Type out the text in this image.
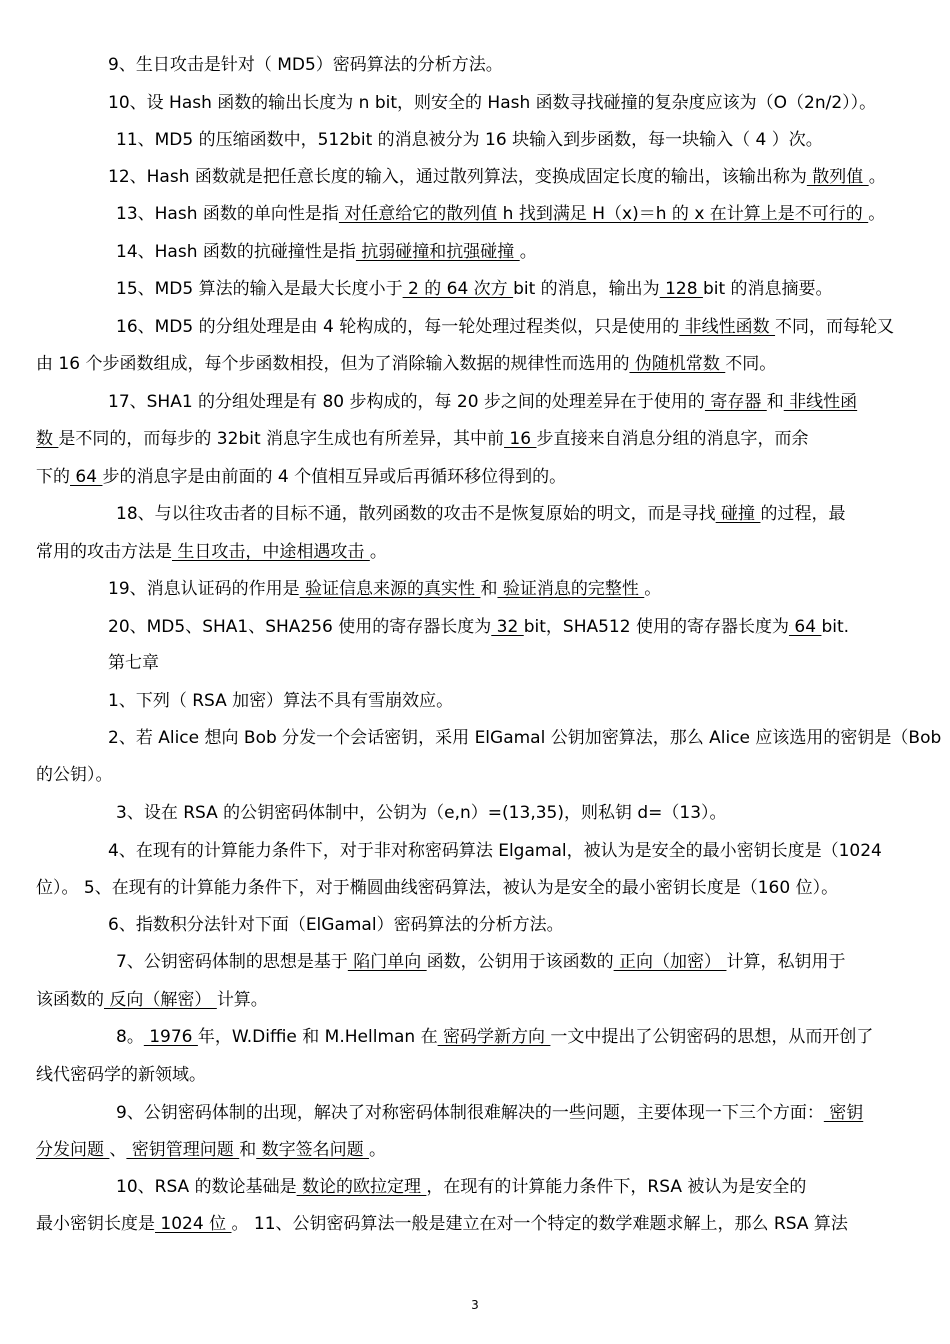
9、生日攻击是针对（ MD5）密码算法的分析方法。
10、设 Hash 函数的输出长度为 n bit，则安全的 Hash 函数寻找碰撞的复杂度应该为（O（2n/2））。
11、MD5 的压缩函数中，512bit 的消息被分为 16 块输入到步函数，每一块输入（ 4 ）次。
12、Hash 函数就是把任意长度的输入，通过散列算法，变换成固定长度的输出，该输出称为 散列值 。
13、Hash 函数的单向性是指 对任意给它的散列值 h 找到满足 H（x)＝h 的 x 在计算上是不可行的 。
14、Hash 函数的抗碰撞性是指 抗弱碰撞和抗强碰撞 。
15、MD5 算法的输入是最大长度小于 2 的 64 次方 bit 的消息，输出为 128 bit 的消息摘要。
16、MD5 的分组处理是由 4 轮构成的，每一轮处理过程类似，只是使用的 非线性函数 不同，而每轮又
由 16 个步函数组成，每个步函数相投，但为了消除输入数据的规律性而选用的 伪随机常数 不同。
17、SHA1 的分组处理是有 80 步构成的，每 20 步之间的处理差异在于使用的 寄存器 和 非线性函
数 是不同的，而每步的 32bit 消息字生成也有所差异，其中前 16 步直接来自消息分组的消息字，而余
下的 64 步的消息字是由前面的 4 个值相互异或后再循环移位得到的。
18、与以往攻击者的目标不通，散列函数的攻击不是恢复原始的明文，而是寻找 碰撞 的过程，最
常用的攻击方法是 生日攻击，中途相遇攻击 。
19、消息认证码的作用是 验证信息来源的真实性 和 验证消息的完整性 。
20、MD5、SHA1、SHA256 使用的寄存器长度为 32 bit，SHA512 使用的寄存器长度为 64 bit.
第七章
1、下列（ RSA 加密）算法不具有雪崩效应。
2、若 Alice 想向 Bob 分发一个会话密钥，采用 ElGamal 公钥加密算法，那么 Alice 应该选用的密钥是（Bob
的公钥）。
3、设在 RSA 的公钥密码体制中，公钥为（e,n）=(13,35)，则私钥 d=（13）。
4、在现有的计算能力条件下，对于非对称密码算法 Elgamal，被认为是安全的最小密钥长度是（1024
位）。 5、在现有的计算能力条件下，对于椭圆曲线密码算法，被认为是安全的最小密钥长度是（160 位）。
6、指数积分法针对下面（ElGamal）密码算法的分析方法。
7、公钥密码体制的思想是基于 陷门单向 函数，公钥用于该函数的 正向（加密） 计算，私钥用于
该函数的 反向（解密） 计算。
8。 1976 年，W.Diffie 和 M.Hellman 在 密码学新方向 一文中提出了公钥密码的思想，从而开创了
线代密码学的新领域。
9、公钥密码体制的出现，解决了对称密码体制很难解决的一些问题，主要体现一下三个方面： 密钥
分发问题 、 密钥管理问题 和 数字签名问题 。
10、RSA 的数论基础是 数论的欧拉定理 ，在现有的计算能力条件下，RSA 被认为是安全的
最小密钥长度是 1024 位 。 11、公钥密码算法一般是建立在对一个特定的数学难题求解上，那么 RSA 算法
3
